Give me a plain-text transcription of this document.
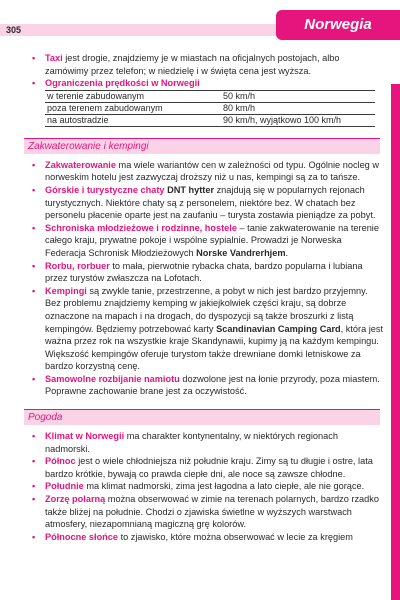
305	Norwegia

• Taxi jest drogie, znajdziemy je w miastach na oficjalnych postojach, albo zamówimy przez telefon; w niedzielę i w święta cena jest wyższa.

• Ograniczenia prędkości w Norwegii

w terenie zabudowanym	50 km/h
poza terenem zabudowanym	80 km/h
na autostradzie	90 km/h, wyjątkowo 100 km/h
Zakwaterowanie i kempingi

• Zakwaterowanie ma wiele wariantów cen w zależności od typu. Ogólnie nocleg w norweskim hotelu jest zazwyczaj droższy niż u nas, kempingi są za to tańsze.

• Górskie i turystyczne chaty DNT hytter znajdują się w popularnych rejonach turystycznych. Niektóre chaty są z personelem, niektóre bez. W chatach bez personelu płacenie oparte jest na zaufaniu – turysta zostawia pieniądze za pobyt.

• Schroniska młodzieżowe i rodzinne, hostele – tanie zakwaterowanie na terenie całego kraju, prywatne pokoje i wspólne sypialnie. Prowadzi je Norweska Federacja Schronisk Młodzieżowych Norske Vandrerhjem.

• Rorbu, rorbuer to mała, pierwotnie rybacka chata, bardzo popularna i lubiana przez turystów zwłaszcza na Lofotach.

• Kempingi są zwykle tanie, przestrzenne, a pobyt w nich jest bardzo przyjemny. Bez problemu znajdziemy kemping w jakiejkolwiek części kraju, są dobrze oznaczone na mapach i na drogach, do dyspozycji są także broszurki z listą kempingów. Będziemy potrzebować karty Scandinavian Camping Card, która jest ważna przez rok na wszystkie kraje Skandynawii, kupimy ją na każdym kempingu. Większość kempingów oferuje turystom także drewniane domki letniskowe za bardzo korzystną cenę.

• Samowolne rozbijanie namiotu dozwolone jest na łonie przyrody, poza miastem. Poprawne zachowanie brane jest za oczywistość.

Pogoda

• Klimat w Norwegii ma charakter kontynentalny, w niektórych regionach nadmorski.

• Północ jest o wiele chłodniejsza niż południe kraju. Zimy są tu długie i ostre, lata bardzo krótkie, bywają co prawda ciepłe dni, ale noce są zawsze chłodne.

• Południe ma klimat nadmorski, zima jest łagodna a lato ciepłe, ale nie gorące.

• Zorzę polarną można obserwować w zimie na terenach polarnych, bardzo rzadko także bliżej na południe. Chodzi o zjawiska świetlne w wyższych warstwach atmosfery, niezapomnianą magiczną grę kolorów.

• Północne słońce to zjawisko, które można obserwować w lecie za kręgiem
